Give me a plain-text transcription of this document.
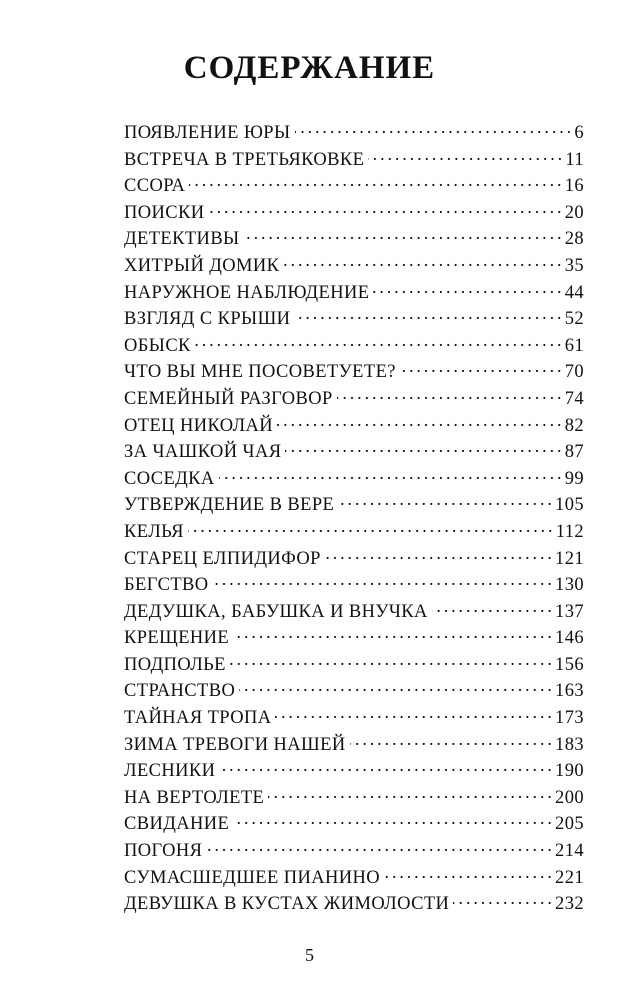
СОДЕРЖАНИЕ
ПОЯВЛЕНИЕ ЮРЫ . . .	6
ВСТРЕЧА В ТРЕТЬЯКОВКЕ . . .	11
ССОРА . . .	16
ПОИСКИ . . .	20
ДЕТЕКТИВЫ . . .	28
ХИТРЫЙ ДОМИК . . .	35
НАРУЖНОЕ НАБЛЮДЕНИЕ . . .	44
ВЗГЛЯД С КРЫШИ . . .	52
ОБЫСК . . .	61
ЧТО ВЫ МНЕ ПОСОВЕТУЕТЕ? . . .	70
СЕМЕЙНЫЙ РАЗГОВОР . . .	74
ОТЕЦ НИКОЛАЙ . . .	82
ЗА ЧАШКОЙ ЧАЯ . . .	87
СОСЕДКА . . .	99
УТВЕРЖДЕНИЕ В ВЕРЕ . . .	105
КЕЛЬЯ . . .	112
СТАРЕЦ ЕЛПИДИФОР . . .	121
БЕГСТВО . . .	130
ДЕДУШКА, БАБУШКА И ВНУЧКА . . .	137
КРЕЩЕНИЕ . . .	146
ПОДПОЛЬЕ . . .	156
СТРАНСТВО . . .	163
ТАЙНАЯ ТРОПА . . .	173
ЗИМА ТРЕВОГИ НАШЕЙ . . .	183
ЛЕСНИКИ . . .	190
НА ВЕРТОЛЕТЕ . . .	200
СВИДАНИЕ . . .	205
ПОГОНЯ . . .	214
СУМАСШЕДШЕЕ ПИАНИНО . . .	221
ДЕВУШКА В КУСТАХ ЖИМОЛОСТИ . . .	232
5
